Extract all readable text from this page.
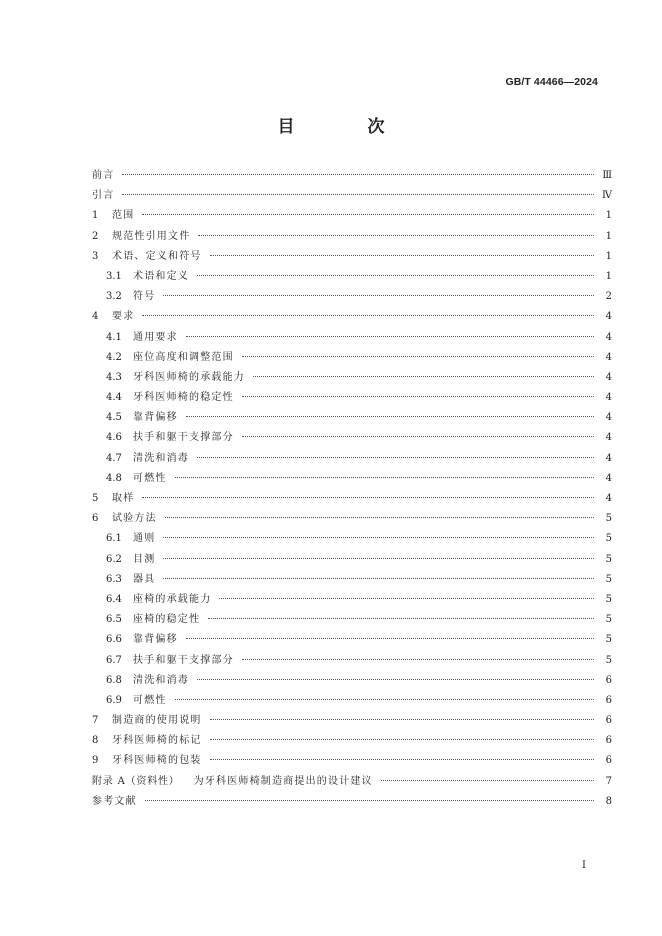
GB/T 44466—2024
目　次
前言	Ⅲ
引言	Ⅳ
1	范围	1
2	规范性引用文件	1
3	术语、定义和符号	1
3.1	术语和定义	1
3.2	符号	2
4	要求	4
4.1	通用要求	4
4.2	座位高度和调整范围	4
4.3	牙科医师椅的承载能力	4
4.4	牙科医师椅的稳定性	4
4.5	靠背偏移	4
4.6	扶手和躯干支撑部分	4
4.7	清洗和消毒	4
4.8	可燃性	4
5	取样	4
6	试验方法	5
6.1	通则	5
6.2	目测	5
6.3	器具	5
6.4	座椅的承载能力	5
6.5	座椅的稳定性	5
6.6	靠背偏移	5
6.7	扶手和躯干支撑部分	5
6.8	清洗和消毒	6
6.9	可燃性	6
7	制造商的使用说明	6
8	牙科医师椅的标记	6
9	牙科医师椅的包装	6
附录 A（资料性） 为牙科医师椅制造商提出的设计建议	7
参考文献	8
Ⅰ
